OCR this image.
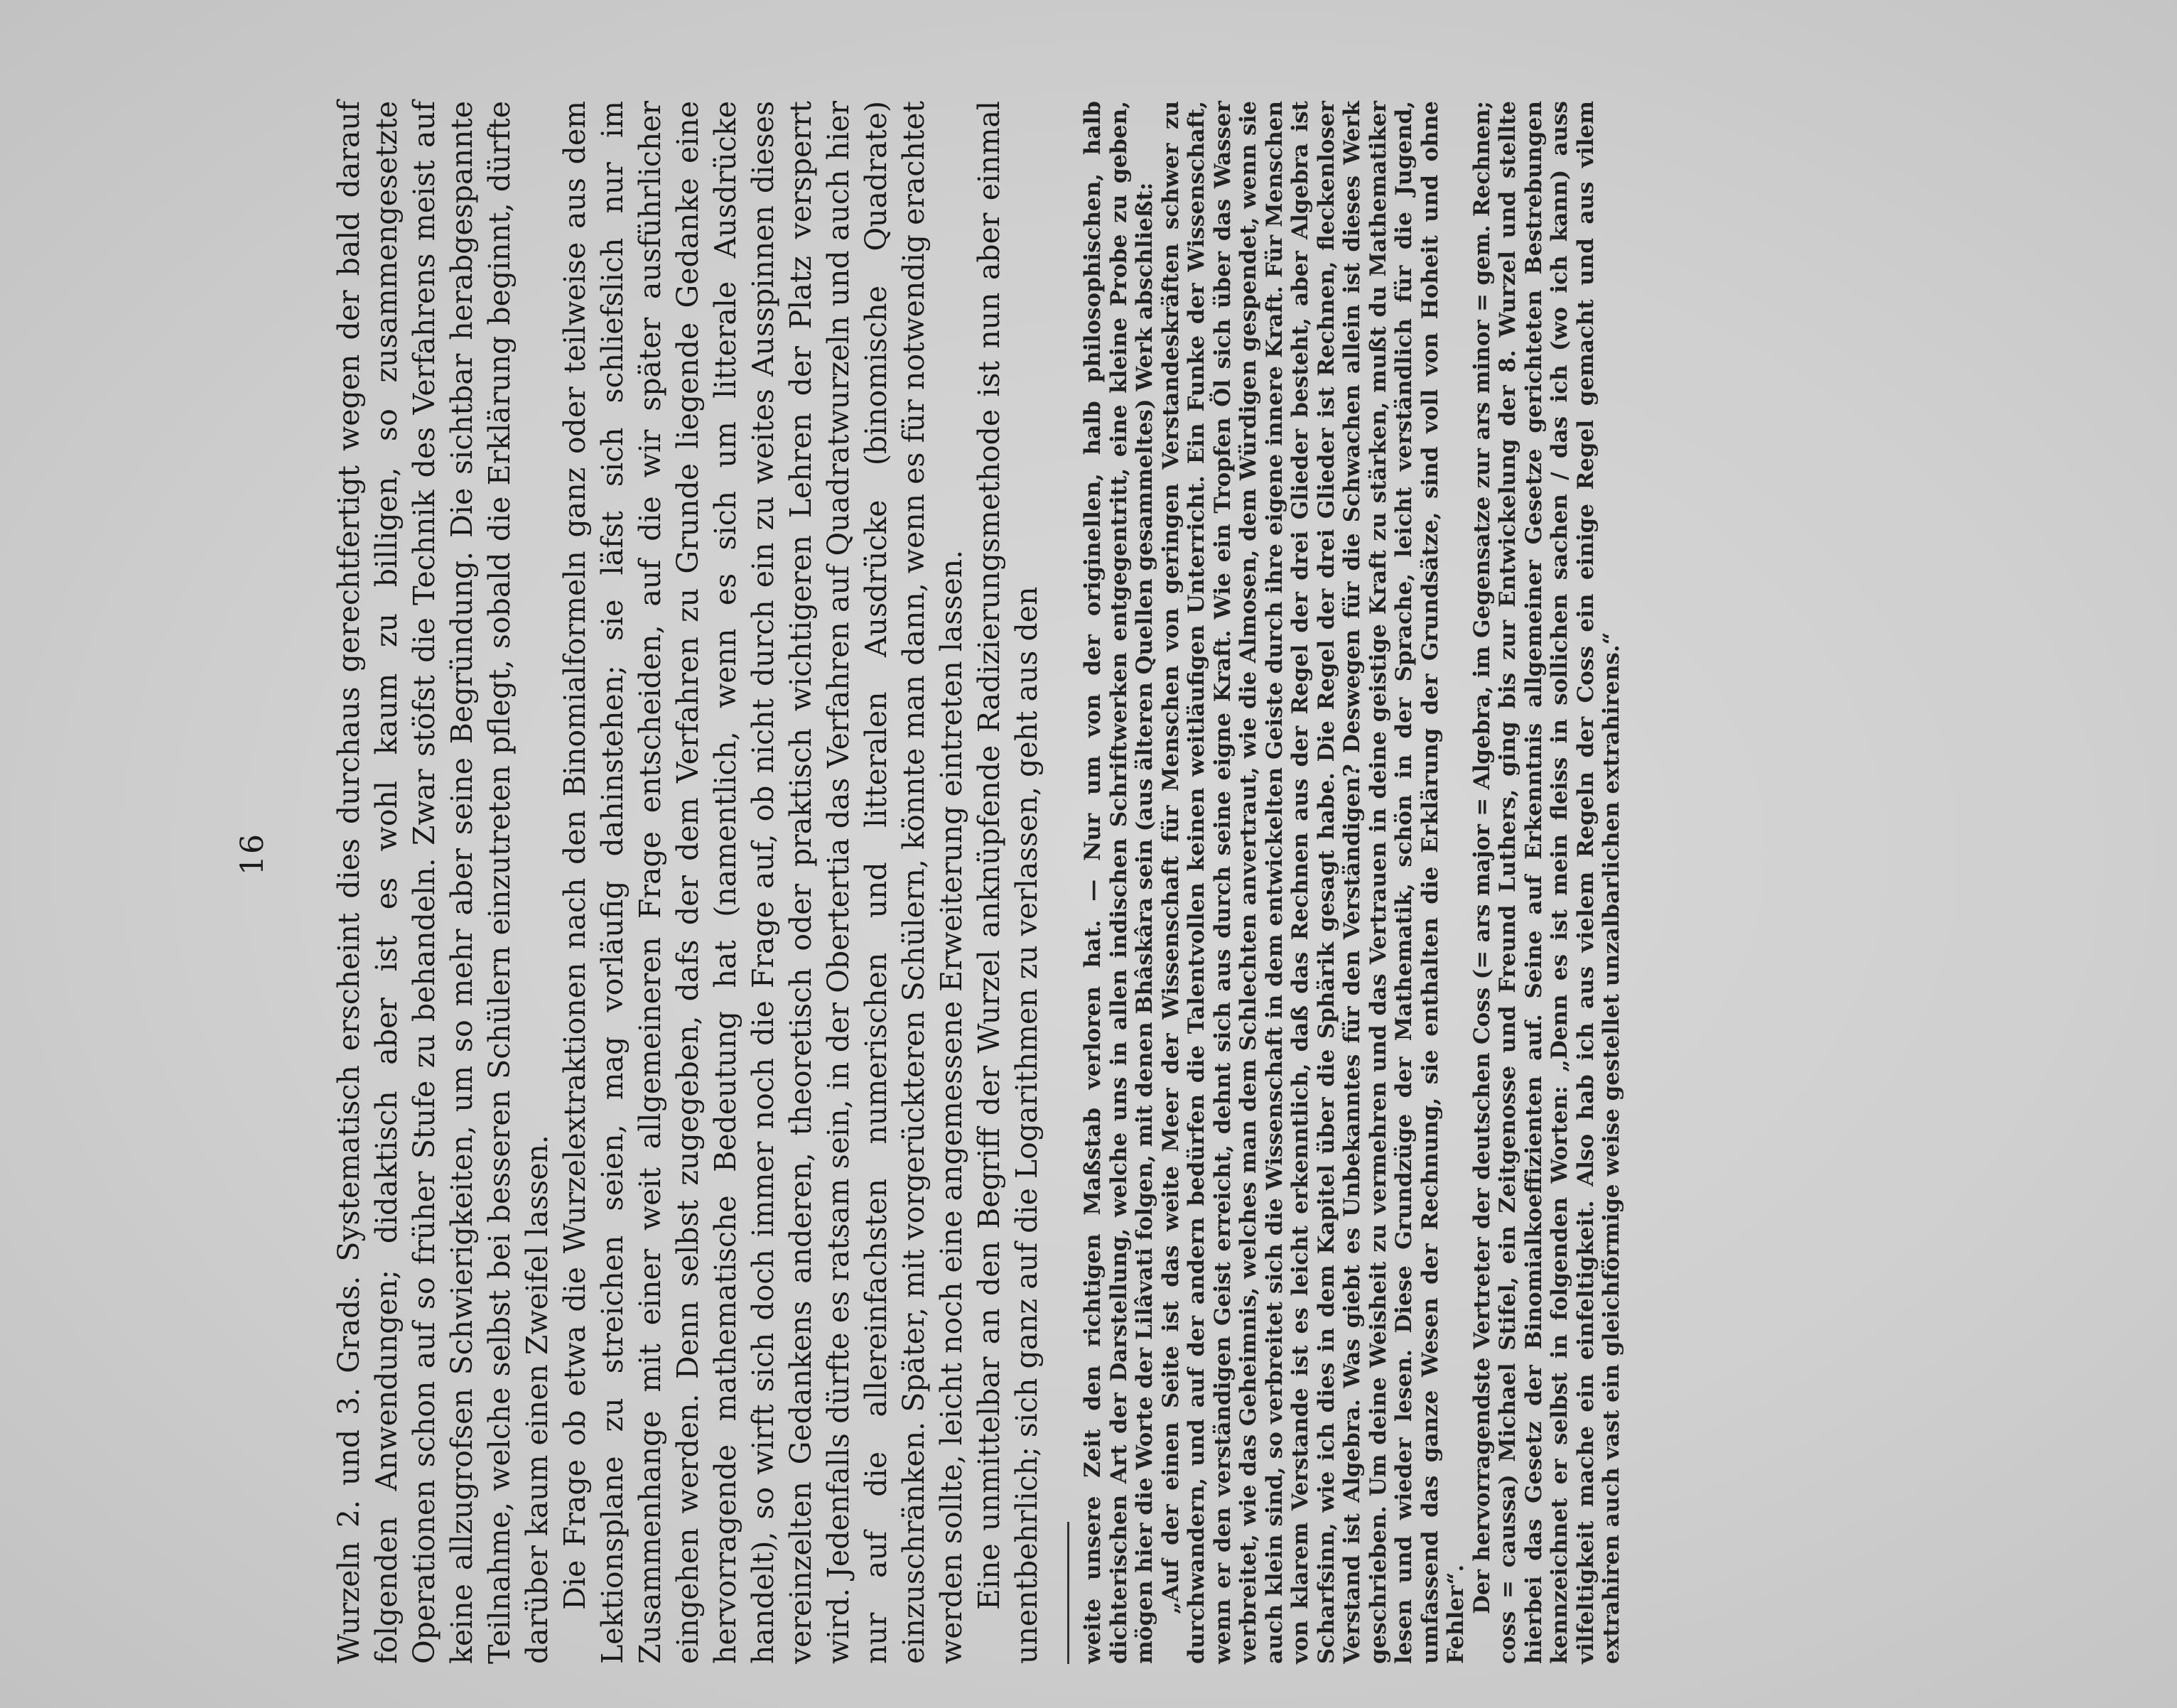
16 Wurzeln 2. und 3. Grads. Systematisch erscheint dies durchaus gerechtfertigt wegen der bald darauf folgenden Anwendungen; didaktisch aber ist es wohl kaum zu billigen, so zusammengesetzte Operationen schon auf so früher Stufe zu behandeln. Zwar stöfst die Technik des Verfahrens meist auf keine allzugrofsen Schwierigkeiten, um so mehr aber seine Begründung. Die sichtbar herabgespannte Teilnahme, welche selbst bei besseren Schülern einzutreten pflegt, sobald die Erklärung beginnt, dürfte darüber kaum einen Zweifel lassen. Die Frage ob etwa die Wurzelextraktionen nach den Binomialformeln ganz oder teilweise aus dem Lektionsplane zu streichen seien, mag vorläufig dahinstehen; sie läfst sich schliefslich nur im Zusammenhange mit einer weit allgemeineren Frage entscheiden, auf die wir später ausführlicher eingehen werden. Denn selbst zugegeben, dafs der dem Verfahren zu Grunde liegende Gedanke eine hervorragende mathematische Bedeutung hat (namentlich, wenn es sich um litterale Ausdrücke handelt), so wirft sich doch immer noch die Frage auf, ob nicht durch ein zu weites Ausspinnen dieses vereinzelten Gedankens anderen, theoretisch oder praktisch wichtigeren Lehren der Platz versperrt wird. Jedenfalls dürfte es ratsam sein, in der Obertertia das Verfahren auf Quadratwurzeln und auch hier nur auf die allereinfachsten numerischen und litteralen Ausdrücke (binomische Quadrate) einzuschränken. Später, mit vorgerückteren Schülern, könnte man dann, wenn es für notwendig erachtet werden sollte, leicht noch eine angemessene Erweiterung eintreten lassen. Eine unmittelbar an den Begriff der Wurzel anknüpfende Radizierungsmethode ist nun aber einmal unentbehrlich; sich ganz auf die Logarithmen zu verlassen, geht aus den weite unsere Zeit den richtigen Maßstab verloren hat. — Nur um von der originellen, halb philosophischen, halb dichterischen Art der Darstellung, welche uns in allen indischen Schriftwerken entgegentritt, eine kleine Probe zu geben, mögen hier die Worte der Lilâvati folgen, mit denen Bhâskâra sein (aus älteren Quellen gesammeltes) Werk abschließt: „Auf der einen Seite ist das weite Meer der Wissenschaft für Menschen von geringen Verstandeskräften schwer zu durchwandern, und auf der andern bedürfen die Talentvollen keinen weitläufigen Unterricht. Ein Funke der Wissenschaft, wenn er den verständigen Geist erreicht, dehnt sich aus durch seine eigne Kraft. Wie ein Tropfen Öl sich über das Wasser verbreitet, wie das Geheimnis, welches man dem Schlechten anvertraut, wie die Almosen, dem Würdigen gespendet, wenn sie auch klein sind, so verbreitet sich die Wissenschaft in dem entwickelten Geiste durch ihre eigene innere Kraft. Für Menschen von klarem Verstande ist es leicht erkenntlich, daß das Rechnen aus der Regel der drei Glieder besteht, aber Algebra ist Scharfsinn, wie ich dies in dem Kapitel über die Sphärik gesagt habe. Die Regel der drei Glieder ist Rechnen, fleckenloser Verstand ist Algebra. Was giebt es Unbekanntes für den Verständigen? Deswegen für die Schwachen allein ist dieses Werk geschrieben. Um deine Weisheit zu vermehren und das Vertrauen in deine geistige Kraft zu stärken, mußt du Mathematiker lesen und wieder lesen. Diese Grundzüge der Mathematik, schön in der Sprache, leicht verständlich für die Jugend, umfassend das ganze Wesen der Rechnung, sie enthalten die Erklärung der Grundsätze, sind voll von Hoheit und ohne Fehler“. Der hervorragendste Vertreter der deutschen Coss (= ars major = Algebra, im Gegensatze zur ars minor = gem. Rechnen; coss = caussa) Michael Stifel, ein Zeitgenosse und Freund Luthers, ging bis zur Entwickelung der 8. Wurzel und stellte hierbei das Gesetz der Binomialkoeffizienten auf. Seine auf Erkenntnis allgemeiner Gesetze gerichteten Bestrebungen kennzeichnet er selbst in folgenden Worten: „Denn es ist mein fleiss in sollichen sachen / das ich (wo ich kann) auss vilfeltigkeit mache ein einfeltigkeit. Also hab ich aus vielem Regeln der Coss ein einige Regel gemacht und aus vilem extrahiren auch vast ein gleichförmige weise gestellet unzalbarlichen extrahirens.“
